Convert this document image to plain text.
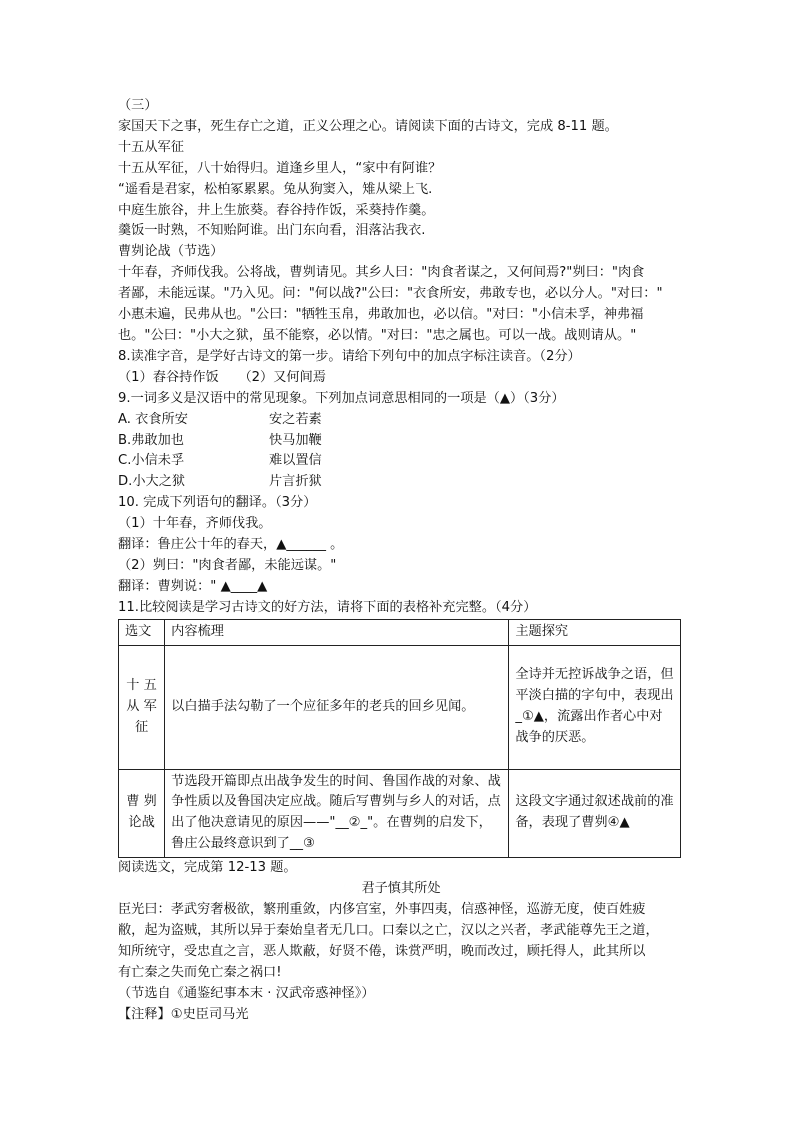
（三）
家国天下之事，死生存亡之道，正义公理之心。请阅读下面的古诗文，完成 8-11 题。
十五从军征
十五从军征，八十始得归。道逢乡里人，“家中有阿谁？
“遥看是君家，松柏冢累累。兔从狗窦入，雉从梁上飞.
中庭生旅谷，井上生旅葵。舂谷持作饭，采葵持作羹。
羹饭一时熟，不知贻阿谁。出门东向看，泪落沾我衣.
曹刿论战（节选）
十年春，齐师伐我。公将战，曹刿请见。其乡人曰："肉食者谋之，又何间焉?"刿曰："肉食
者鄙，未能远谋。"乃入见。问："何以战?"公曰："衣食所安，弗敢专也，必以分人。"对曰："
小惠未遍，民弗从也。"公曰："牺牲玉帛，弗敢加也，必以信。"对曰："小信未孚，神弗福
也。"公曰："小大之狱，虽不能察，必以情。"对曰："忠之属也。可以一战。战则请从。"
8.读准字音，是学好古诗文的第一步。请给下列句中的加点字标注读音。（2分）
（1）舂谷持作饭　　（2）又何间焉
9.一词多义是汉语中的常见现象。下列加点词意思相同的一项是（▲）（3分）
A. 衣食所安	安之若素
B.弗敢加也	快马加鞭
C.小信未孚	难以置信
D.小大之狱	片言折狱
10. 完成下列语句的翻译。（3分）
（1）十年春，齐师伐我。
翻译：鲁庄公十年的春天，▲______ 。
（2）刿曰："肉食者鄙，未能远谋。"
翻译：曹刿说：" ▲____▲
11.比较阅读是学习古诗文的好方法，请将下面的表格补充完整。（4分）
选文	内容梳理	主题探究
十 五 从 军 征	以白描手法勾勒了一个应征多年的老兵的回乡见闻。	全诗并无控诉战争之语，但平淡白描的字句中，表现出_①▲，流露出作者心中对战争的厌恶。
曹 刿 论战	节选段开篇即点出战争发生的时间、鲁国作战的对象、战争性质以及鲁国决定应战。随后写曹刿与乡人的对话，点出了他决意请见的原因——"__②_"。在曹刿的启发下，鲁庄公最终意识到了__③	这段文字通过叙述战前的准备，表现了曹刿④▲
阅读选文，完成第 12-13 题。
君子慎其所处
臣光曰：孝武穷奢极欲，繁刑重敛，内侈宫室，外事四夷，信惑神怪，巡游无度，使百姓疲
敝，起为盗贼，其所以异于秦始皇者无几口。口秦以之亡，汉以之兴者，孝武能尊先王之道，
知所统守，受忠直之言，恶人欺蔽，好贤不倦，诛赏严明，晚而改过，顾托得人，此其所以
有亡秦之失而免亡秦之祸口!
（节选自《通鉴纪事本末 · 汉武帝惑神怪》）
【注释】①史臣司马光
